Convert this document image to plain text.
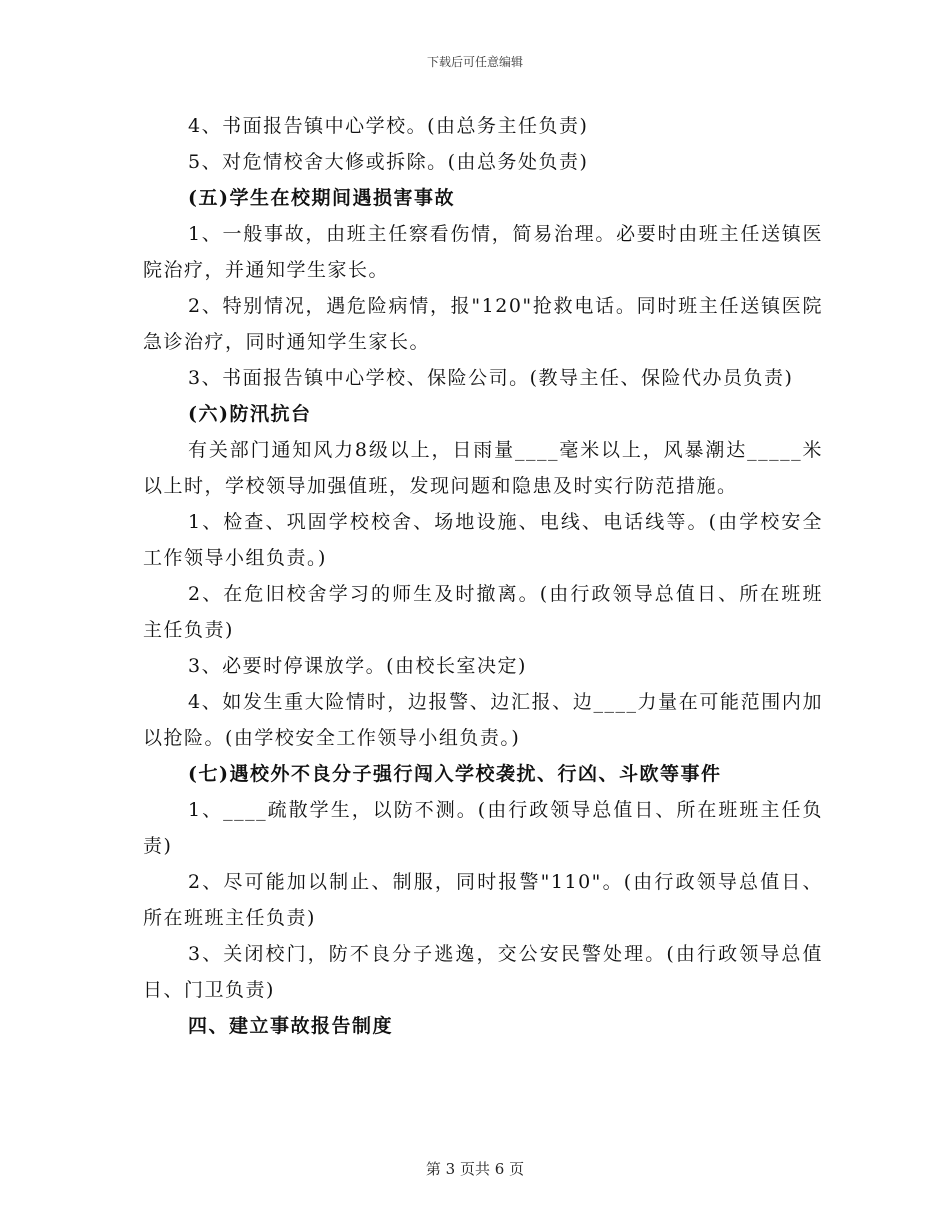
下载后可任意编辑

4、书面报告镇中心学校。(由总务主任负责)

5、对危情校舍大修或拆除。(由总务处负责)

(五)学生在校期间遇损害事故

1、一般事故，由班主任察看伤情，简易治理。必要时由班主任送镇医院治疗，并通知学生家长。

2、特别情况，遇危险病情，报"120"抢救电话。同时班主任送镇医院急诊治疗，同时通知学生家长。

3、书面报告镇中心学校、保险公司。(教导主任、保险代办员负责)

(六)防汛抗台

有关部门通知风力8级以上，日雨量____毫米以上，风暴潮达_____米以上时，学校领导加强值班，发现问题和隐患及时实行防范措施。

1、检查、巩固学校校舍、场地设施、电线、电话线等。(由学校安全工作领导小组负责。)

2、在危旧校舍学习的师生及时撤离。(由行政领导总值日、所在班班主任负责)

3、必要时停课放学。(由校长室决定)

4、如发生重大险情时，边报警、边汇报、边____力量在可能范围内加以抢险。(由学校安全工作领导小组负责。)

(七)遇校外不良分子强行闯入学校袭扰、行凶、斗欧等事件

1、____疏散学生，以防不测。(由行政领导总值日、所在班班主任负责)

2、尽可能加以制止、制服，同时报警"110"。(由行政领导总值日、所在班班主任负责)

3、关闭校门，防不良分子逃逸，交公安民警处理。(由行政领导总值日、门卫负责)

四、建立事故报告制度

第 3 页共 6 页
